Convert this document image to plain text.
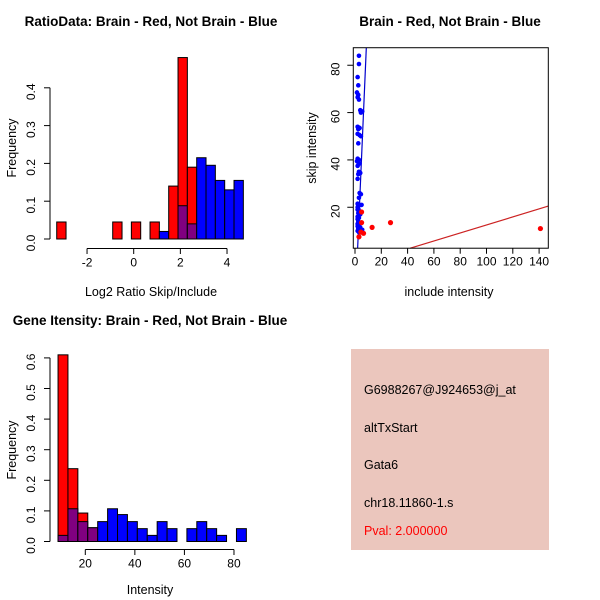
0.0
0.1
0.2
0.3
0.4
-2	0	2	4
RatioData: Brain - Red, Not Brain - Blue
Log2 Ratio Skip/Include
Frequency
20
40
60
80
0 20 40 60 80 100 120 140
Brain - Red, Not Brain - Blue
include intensity
skip intensity
0.0
0.1
0.2
0.3
0.4
0.5
0.6
20	40	60	80
Gene Itensity: Brain - Red, Not Brain - Blue
Intensity
Frequency
G6988267@J924653@j_at
altTxStart
Gata6
chr18.11860-1.s
Pval: 2.000000
